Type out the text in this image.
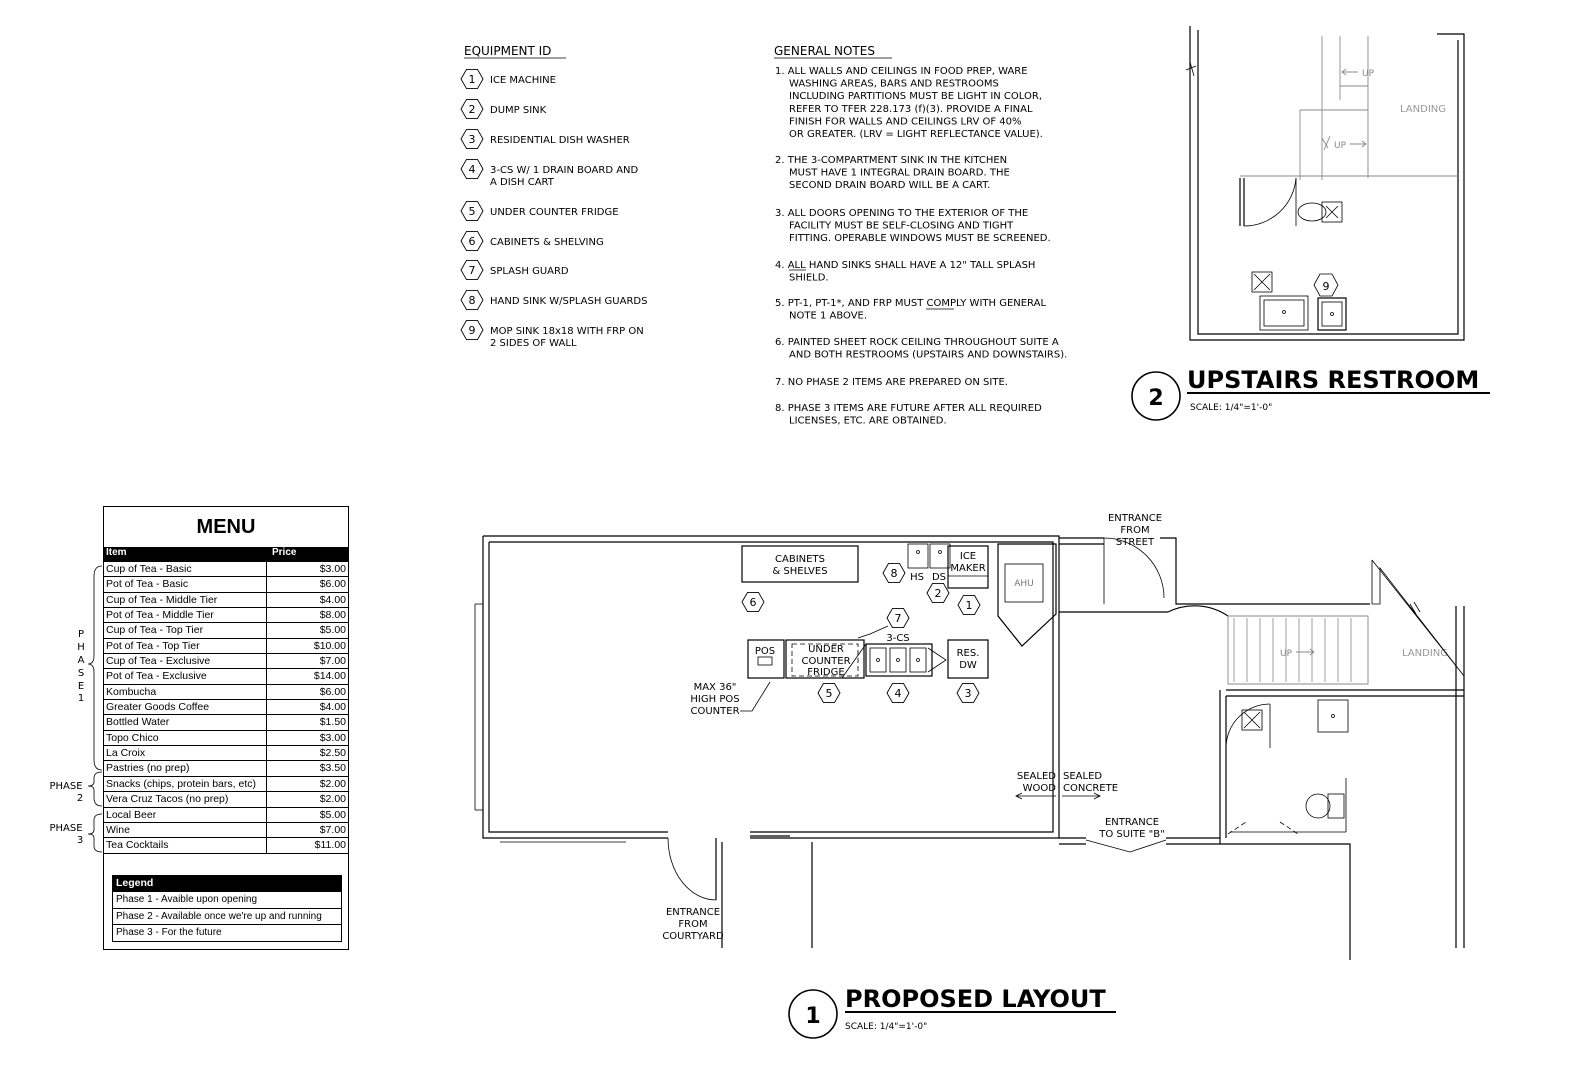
EQUIPMENT ID
1 ICE MACHINE
2 DUMP SINK
3 RESIDENTIAL DISH WASHER
4 3-CS W/ 1 DRAIN BOARD AND
A DISH CART
5 UNDER COUNTER FRIDGE
6 CABINETS & SHELVING
7 SPLASH GUARD
8 HAND SINK W/SPLASH GUARDS
9 MOP SINK 18x18 WITH FRP ON
2 SIDES OF WALL
GENERAL NOTES
1. ALL WALLS AND CEILINGS IN FOOD PREP, WARE
WASHING AREAS, BARS AND RESTROOMS
INCLUDING PARTITIONS MUST BE LIGHT IN COLOR,
REFER TO TFER 228.173 (f)(3). PROVIDE A FINAL
FINISH FOR WALLS AND CEILINGS LRV OF 40%
OR GREATER. (LRV = LIGHT REFLECTANCE VALUE).
2. THE 3-COMPARTMENT SINK IN THE KITCHEN
MUST HAVE 1 INTEGRAL DRAIN BOARD. THE
SECOND DRAIN BOARD WILL BE A CART.
3. ALL DOORS OPENING TO THE EXTERIOR OF THE
FACILITY MUST BE SELF-CLOSING AND TIGHT
FITTING. OPERABLE WINDOWS MUST BE SCREENED.
4. ALL HAND SINKS SHALL HAVE A 12" TALL SPLASH
SHIELD.
5. PT-1, PT-1*, AND FRP MUST COMPLY WITH GENERAL
NOTE 1 ABOVE.
6. PAINTED SHEET ROCK CEILING THROUGHOUT SUITE A
AND BOTH RESTROOMS (UPSTAIRS AND DOWNSTAIRS).
7. NO PHASE 2 ITEMS ARE PREPARED ON SITE.
8. PHASE 3 ITEMS ARE FUTURE AFTER ALL REQUIRED
LICENSES, ETC. ARE OBTAINED.
UP
UP
LANDING
9
2
UPSTAIRS RESTROOM
SCALE: 1/4"=1'-0"
UP	LANDING
CABINETS
& SHELVES
HS DS
ICE
MAKER
AHU
POS	UNDER
COUNTER
FRIDGE
3-CS
RES.
DW
8
2
1
6
7
5	4	3
MAX 36"
HIGH POS
COUNTER
ENTRANCE
FROM
STREET
ENTRANCE
FROM
COURTYARD
ENTRANCE
TO SUITE "B"
SEALED
WOOD
SEALED
CONCRETE
1
PROPOSED LAYOUT
SCALE: 1/4"=1'-0"
P
H
A
S
E
1
PHASE
2
PHASE
3
MENU
Item	Price
Cup of Tea - Basic	$3.00
Pot of Tea - Basic	$6.00
Cup of Tea - Middle Tier	$4.00
Pot of Tea - Middle Tier	$8.00
Cup of Tea - Top Tier	$5.00
Pot of Tea - Top Tier	$10.00
Cup of Tea - Exclusive	$7.00
Pot of Tea - Exclusive	$14.00
Kombucha	$6.00
Greater Goods Coffee	$4.00
Bottled Water	$1.50
Topo Chico	$3.00
La Croix	$2.50
Pastries (no prep)	$3.50
Snacks (chips, protein bars, etc)	$2.00
Vera Cruz Tacos (no prep)	$2.00
Local Beer	$5.00
Wine	$7.00
Tea Cocktails	$11.00
Legend
Phase 1 - Avaible upon opening
Phase 2 - Available once we're up and running
Phase 3 - For the future
